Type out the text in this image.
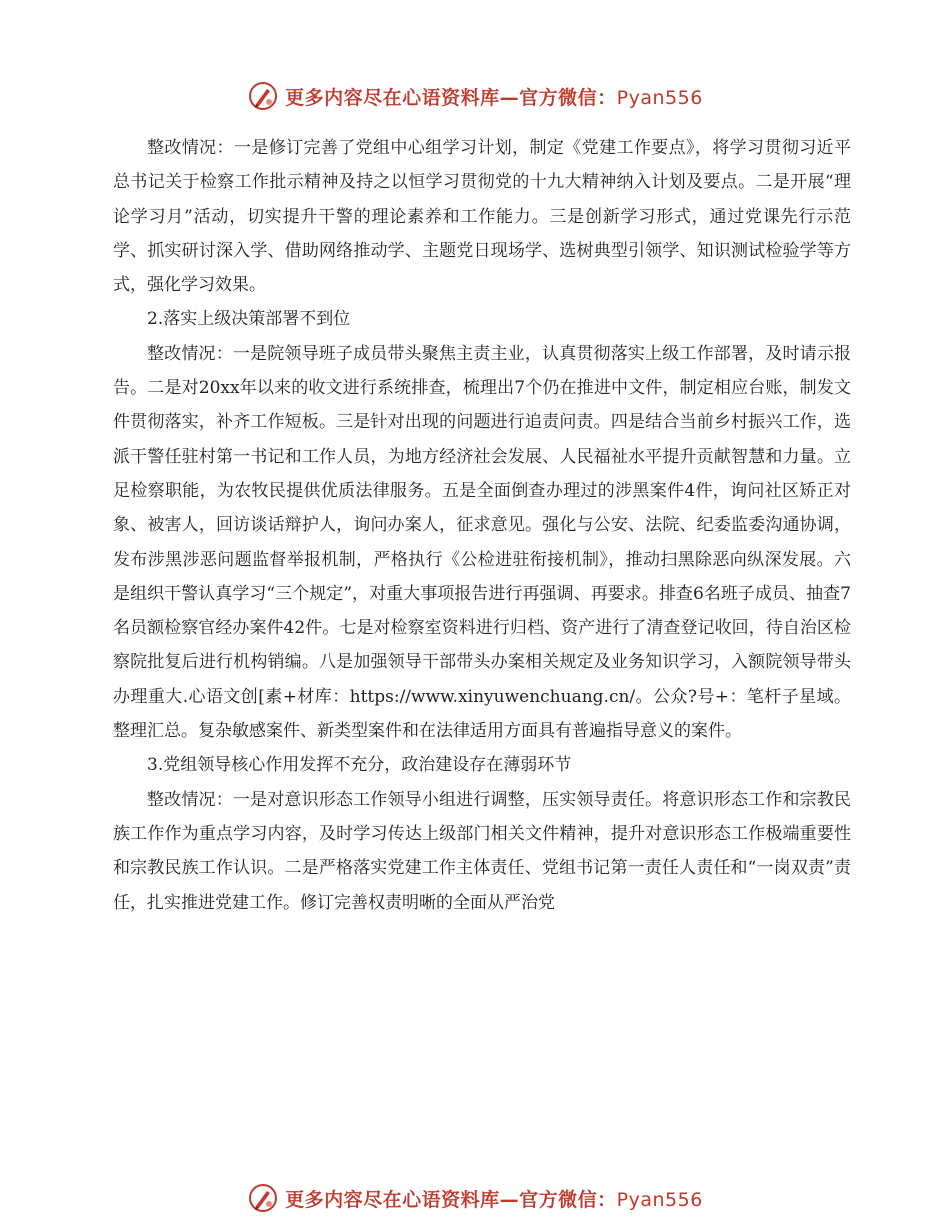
更多内容尽在心语资料库—官方微信：Pyan556

整改情况：一是修订完善了党组中心组学习计划，制定《党建工作要点》，将学习贯彻习近平总书记关于检察工作批示精神及持之以恒学习贯彻党的十九大精神纳入计划及要点。二是开展“理论学习月”活动，切实提升干警的理论素养和工作能力。三是创新学习形式，通过党课先行示范学、抓实研讨深入学、借助网络推动学、主题党日现场学、选树典型引领学、知识测试检验学等方式，强化学习效果。

2.落实上级决策部署不到位

整改情况：一是院领导班子成员带头聚焦主责主业，认真贯彻落实上级工作部署，及时请示报告。二是对20xx年以来的收文进行系统排查，梳理出7个仍在推进中文件，制定相应台账，制发文件贯彻落实，补齐工作短板。三是针对出现的问题进行追责问责。四是结合当前乡村振兴工作，选派干警任驻村第一书记和工作人员，为地方经济社会发展、人民福祉水平提升贡献智慧和力量。立足检察职能，为农牧民提供优质法律服务。五是全面倒查办理过的涉黑案件4件，询问社区矫正对象、被害人，回访谈话辩护人，询问办案人，征求意见。强化与公安、法院、纪委监委沟通协调，发布涉黑涉恶问题监督举报机制，严格执行《公检进驻衔接机制》，推动扫黑除恶向纵深发展。六是组织干警认真学习“三个规定”，对重大事项报告进行再强调、再要求。排查6名班子成员、抽查7名员额检察官经办案件42件。七是对检察室资料进行归档、资产进行了清查登记收回，待自治区检察院批复后进行机构销编。八是加强领导干部带头办案相关规定及业务知识学习，入额院领导带头办理重大.心语文创[素+材库：https://www.xinyuwenchuang.cn/。公众?号+：笔杆子星域。整理汇总。复杂敏感案件、新类型案件和在法律适用方面具有普遍指导意义的案件。

3.党组领导核心作用发挥不充分，政治建设存在薄弱环节

整改情况：一是对意识形态工作领导小组进行调整，压实领导责任。将意识形态工作和宗教民族工作作为重点学习内容，及时学习传达上级部门相关文件精神，提升对意识形态工作极端重要性和宗教民族工作认识。二是严格落实党建工作主体责任、党组书记第一责任人责任和“一岗双责”责任，扎实推进党建工作。修订完善权责明晰的全面从严治党

更多内容尽在心语资料库—官方微信：Pyan556
